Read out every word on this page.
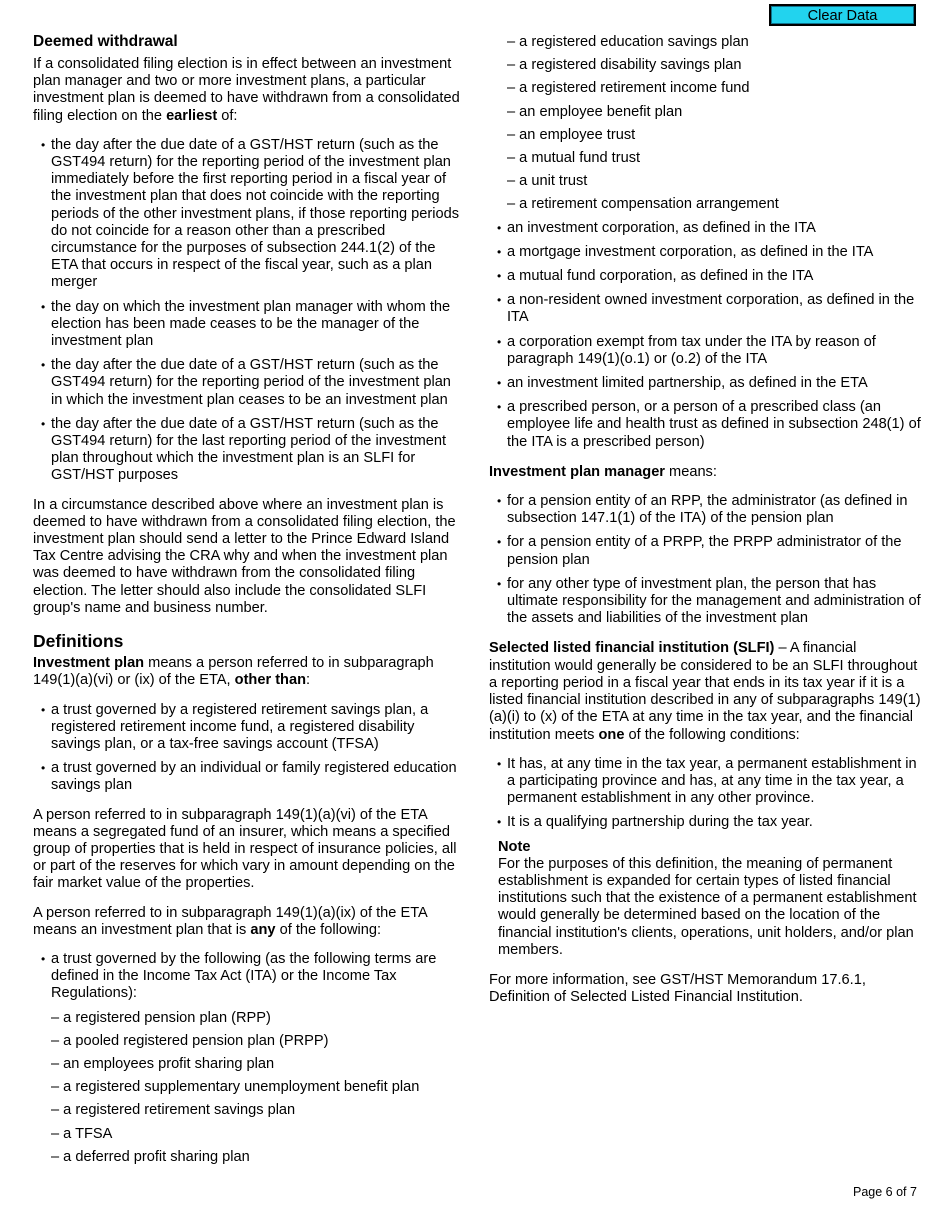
Clear Data
Deemed withdrawal

If a consolidated filing election is in effect between an investment plan manager and two or more investment plans, a particular investment plan is deemed to have withdrawn from a consolidated filing election on the earliest of:

• the day after the due date of a GST/HST return (such as the GST494 return) for the reporting period of the investment plan immediately before the first reporting period in a fiscal year of the investment plan that does not coincide with the reporting periods of the other investment plans, if those reporting periods do not coincide for a reason other than a prescribed circumstance for the purposes of subsection 244.1(2) of the ETA that occurs in respect of the fiscal year, such as a plan merger
• the day on which the investment plan manager with whom the election has been made ceases to be the manager of the investment plan
• the day after the due date of a GST/HST return (such as the GST494 return) for the reporting period of the investment plan in which the investment plan ceases to be an investment plan
• the day after the due date of a GST/HST return (such as the GST494 return) for the last reporting period of the investment plan throughout which the investment plan is an SLFI for GST/HST purposes

In a circumstance described above where an investment plan is deemed to have withdrawn from a consolidated filing election, the investment plan should send a letter to the Prince Edward Island Tax Centre advising the CRA why and when the investment plan was deemed to have withdrawn from the consolidated filing election. The letter should also include the consolidated SLFI group's name and business number.

Definitions

Investment plan means a person referred to in subparagraph 149(1)(a)(vi) or (ix) of the ETA, other than:

• a trust governed by a registered retirement savings plan, a registered retirement income fund, a registered disability savings plan, or a tax-free savings account (TFSA)
• a trust governed by an individual or family registered education savings plan

A person referred to in subparagraph 149(1)(a)(vi) of the ETA means a segregated fund of an insurer, which means a specified group of properties that is held in respect of insurance policies, all or part of the reserves for which vary in amount depending on the fair market value of the properties.

A person referred to in subparagraph 149(1)(a)(ix) of the ETA means an investment plan that is any of the following:

• a trust governed by the following (as the following terms are defined in the Income Tax Act (ITA) or the Income Tax Regulations):
– a registered pension plan (RPP)
– a pooled registered pension plan (PRPP)
– an employees profit sharing plan
– a registered supplementary unemployment benefit plan
– a registered retirement savings plan
– a TFSA
– a deferred profit sharing plan
– a registered education savings plan
– a registered disability savings plan
– a registered retirement income fund
– an employee benefit plan
– an employee trust
– a mutual fund trust
– a unit trust
– a retirement compensation arrangement
• an investment corporation, as defined in the ITA
• a mortgage investment corporation, as defined in the ITA
• a mutual fund corporation, as defined in the ITA
• a non-resident owned investment corporation, as defined in the ITA
• a corporation exempt from tax under the ITA by reason of paragraph 149(1)(o.1) or (o.2) of the ITA
• an investment limited partnership, as defined in the ETA
• a prescribed person, or a person of a prescribed class (an employee life and health trust as defined in subsection 248(1) of the ITA is a prescribed person)

Investment plan manager means:

• for a pension entity of an RPP, the administrator (as defined in subsection 147.1(1) of the ITA) of the pension plan
• for a pension entity of a PRPP, the PRPP administrator of the pension plan
• for any other type of investment plan, the person that has ultimate responsibility for the management and administration of the assets and liabilities of the investment plan

Selected listed financial institution (SLFI) – A financial institution would generally be considered to be an SLFI throughout a reporting period in a fiscal year that ends in its tax year if it is a listed financial institution described in any of subparagraphs 149(1)(a)(i) to (x) of the ETA at any time in the tax year, and the financial institution meets one of the following conditions:

• It has, at any time in the tax year, a permanent establishment in a participating province and has, at any time in the tax year, a permanent establishment in any other province.
• It is a qualifying partnership during the tax year.
Note
For the purposes of this definition, the meaning of permanent establishment is expanded for certain types of listed financial institutions such that the existence of a permanent establishment would generally be determined based on the location of the financial institution's clients, operations, unit holders, and/or plan members.

For more information, see GST/HST Memorandum 17.6.1, Definition of Selected Listed Financial Institution.

Page 6 of 7
